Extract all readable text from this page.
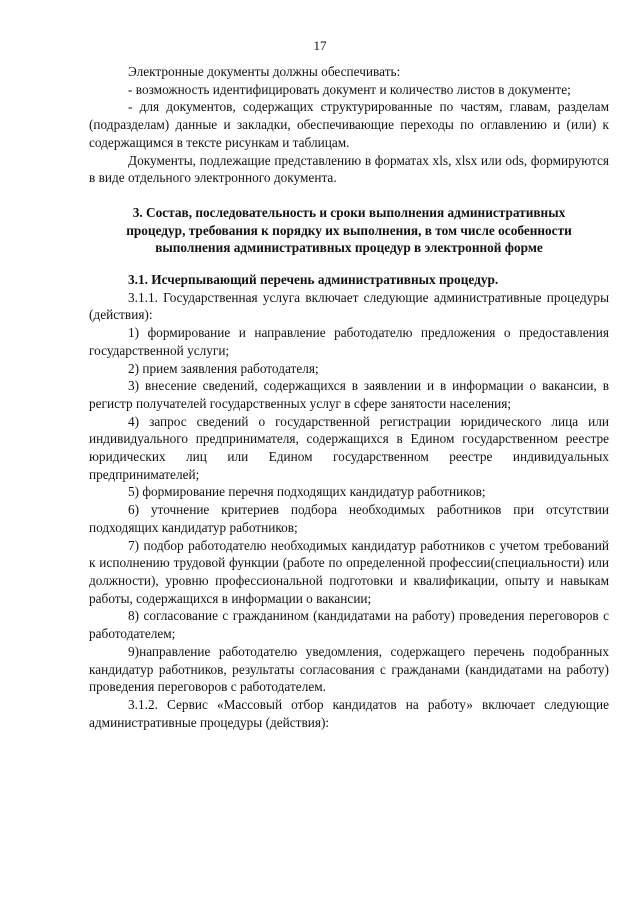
17

Электронные документы должны обеспечивать:

- возможность идентифицировать документ и количество листов в документе;

- для документов, содержащих структурированные по частям, главам, разделам (подразделам) данные и закладки, обеспечивающие переходы по оглавлению и (или) к содержащимся в тексте рисункам и таблицам.

Документы, подлежащие представлению в форматах xls, xlsx или ods, формируются в виде отдельного электронного документа.

3. Состав, последовательность и сроки выполнения административных процедур, требования к порядку их выполнения, в том числе особенности выполнения административных процедур в электронной форме

3.1. Исчерпывающий перечень административных процедур.

3.1.1. Государственная услуга включает следующие административные процедуры (действия):

1) формирование и направление работодателю предложения о предоставления государственной услуги;

2) прием заявления работодателя;

3) внесение сведений, содержащихся в заявлении и в информации о вакансии, в регистр получателей государственных услуг в сфере занятости населения;

4) запрос сведений о государственной регистрации юридического лица или индивидуального предпринимателя, содержащихся в Едином государственном реестре юридических лиц или Едином государственном реестре индивидуальных предпринимателей;

5) формирование перечня подходящих кандидатур работников;

6) уточнение критериев подбора необходимых работников при отсутствии подходящих кандидатур работников;

7) подбор работодателю необходимых кандидатур работников с учетом требований к исполнению трудовой функции (работе по определенной профессии(специальности) или должности), уровню профессиональной подготовки и квалификации, опыту и навыкам работы, содержащихся в информации о вакансии;

8) согласование с гражданином (кандидатами на работу) проведения переговоров с работодателем;

9)направление работодателю уведомления, содержащего перечень подобранных кандидатур работников, результаты согласования с гражданами (кандидатами на работу) проведения переговоров с работодателем.

3.1.2. Сервис «Массовый отбор кандидатов на работу» включает следующие административные процедуры (действия):
